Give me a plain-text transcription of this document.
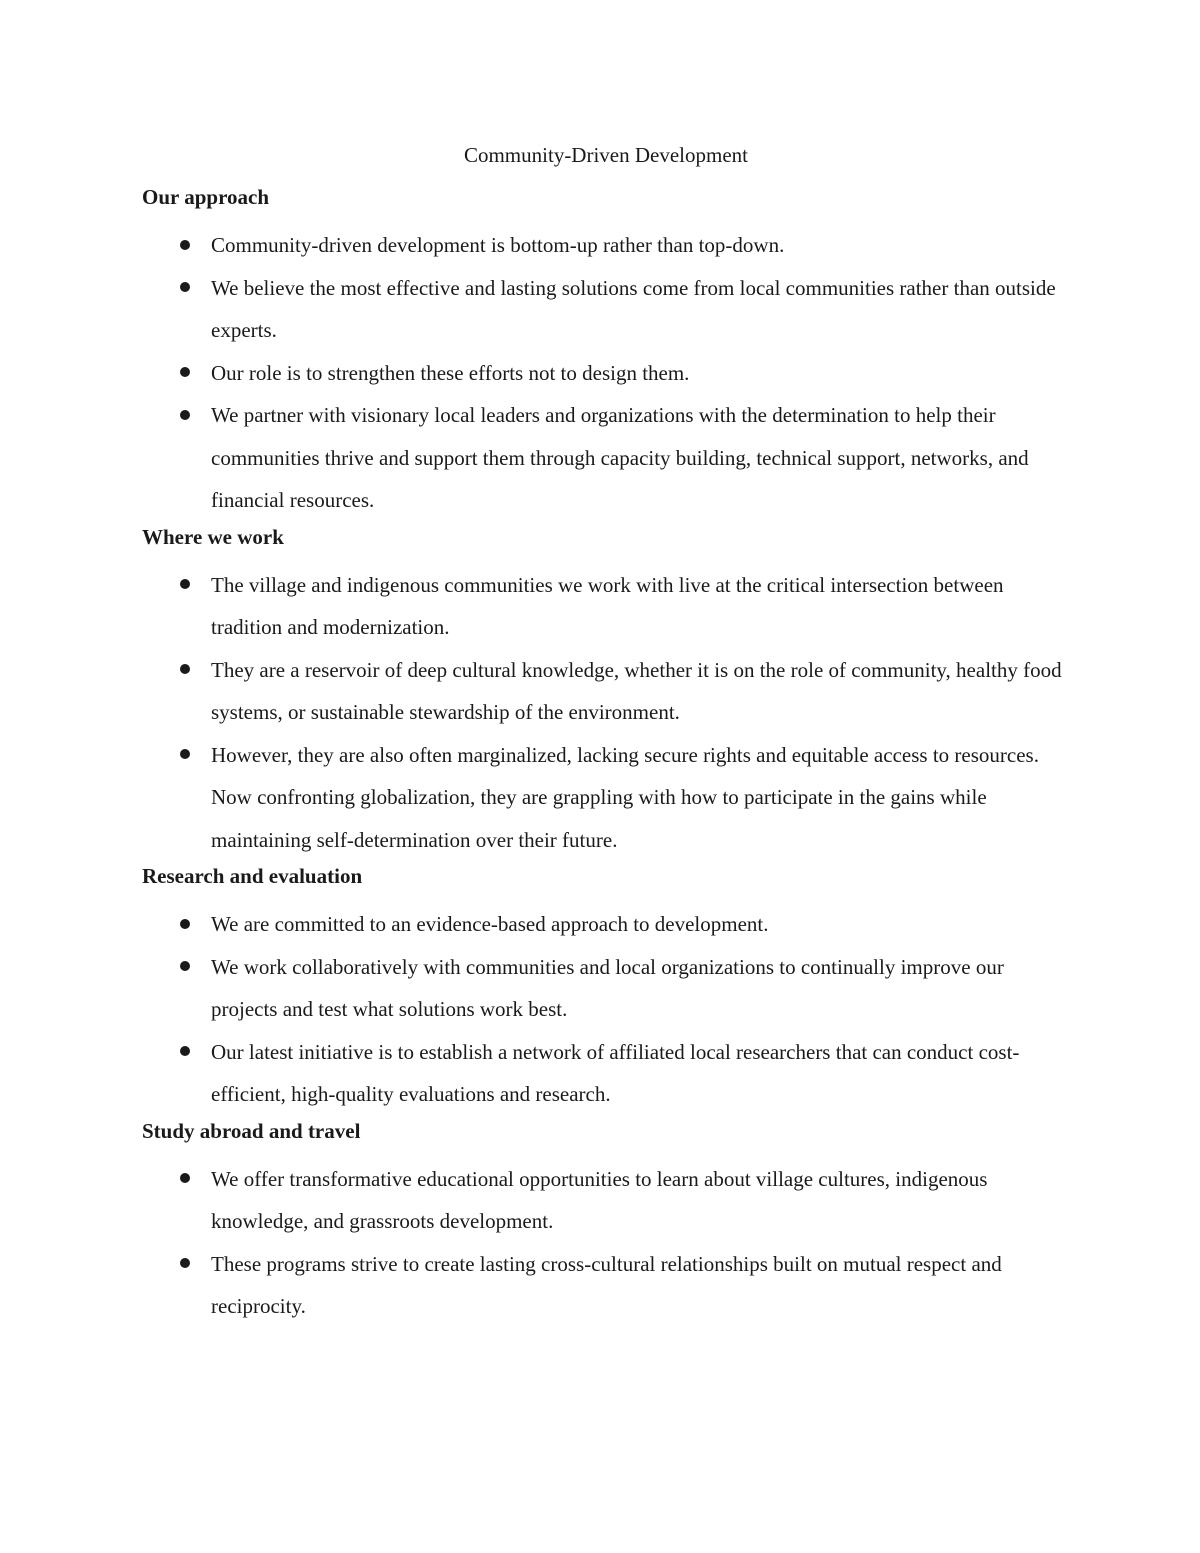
Community-Driven Development
Our approach
Community-driven development is bottom-up rather than top-down.
We believe the most effective and lasting solutions come from local communities rather than outside experts.
Our role is to strengthen these efforts not to design them.
We partner with visionary local leaders and organizations with the determination to help their communities thrive and support them through capacity building, technical support, networks, and financial resources.
Where we work
The village and indigenous communities we work with live at the critical intersection between tradition and modernization.
They are a reservoir of deep cultural knowledge, whether it is on the role of community, healthy food systems, or sustainable stewardship of the environment.
However, they are also often marginalized, lacking secure rights and equitable access to resources. Now confronting globalization, they are grappling with how to participate in the gains while maintaining self-determination over their future.
Research and evaluation
We are committed to an evidence-based approach to development.
We work collaboratively with communities and local organizations to continually improve our projects and test what solutions work best.
Our latest initiative is to establish a network of affiliated local researchers that can conduct cost-efficient, high-quality evaluations and research.
Study abroad and travel
We offer transformative educational opportunities to learn about village cultures, indigenous knowledge, and grassroots development.
These programs strive to create lasting cross-cultural relationships built on mutual respect and reciprocity.
